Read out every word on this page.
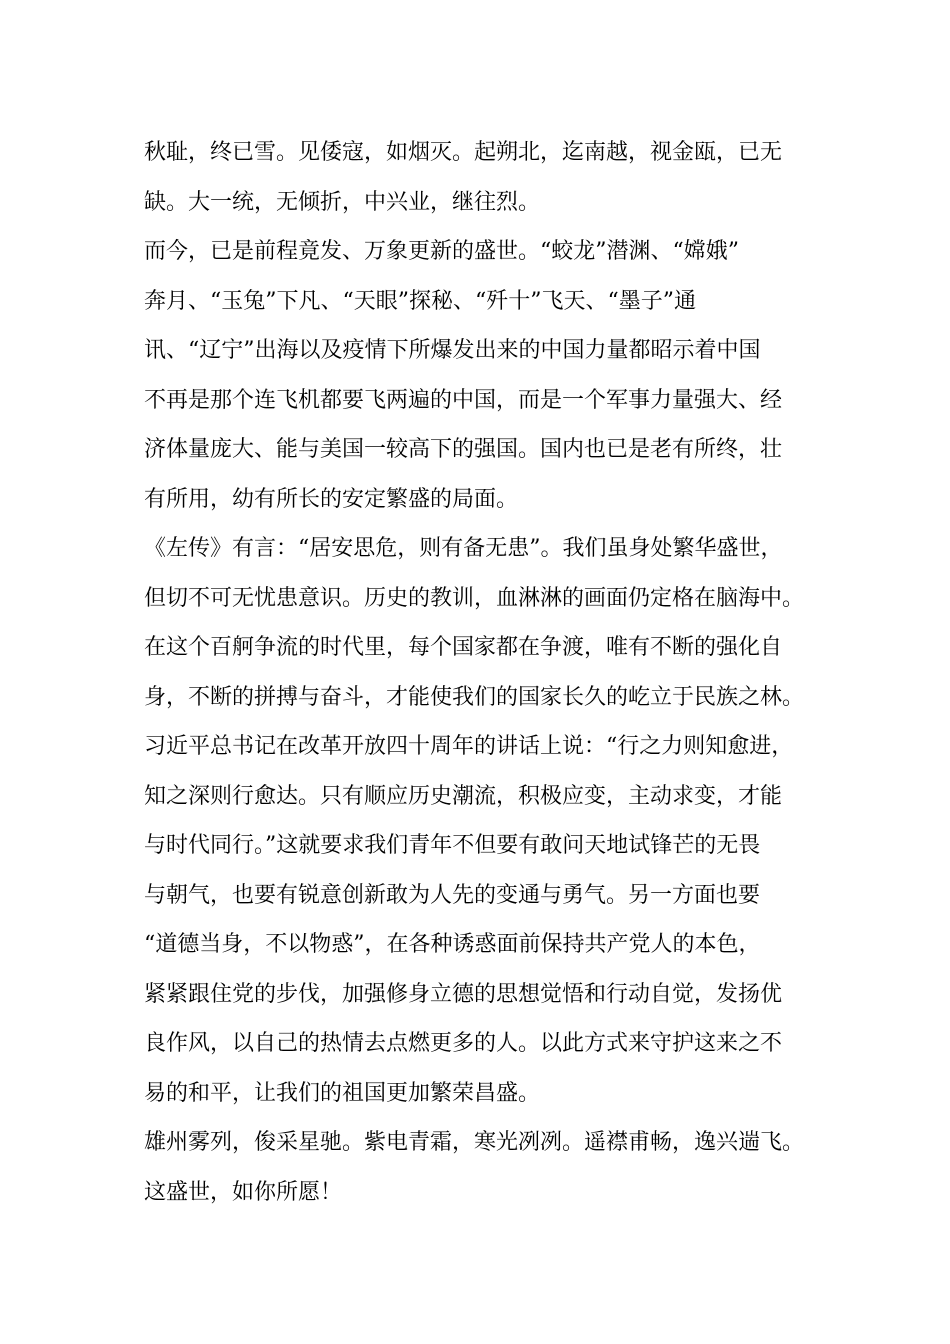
秋耻，终已雪。见倭寇，如烟灭。起朔北，迄南越，视金瓯，已无
缺。大一统，无倾折，中兴业，继往烈。
而今，已是前程竟发、万象更新的盛世。“蛟龙”潜渊、“嫦娥”
奔月、“玉兔”下凡、“天眼”探秘、“歼十”飞天、“墨子”通
讯、“辽宁”出海以及疫情下所爆发出来的中国力量都昭示着中国
不再是那个连飞机都要飞两遍的中国，而是一个军事力量强大、经
济体量庞大、能与美国一较高下的强国。国内也已是老有所终，壮
有所用，幼有所长的安定繁盛的局面。
《左传》有言：“居安思危，则有备无患”。我们虽身处繁华盛世，
但切不可无忧患意识。历史的教训，血淋淋的画面仍定格在脑海中。
在这个百舸争流的时代里，每个国家都在争渡，唯有不断的强化自
身，不断的拼搏与奋斗，才能使我们的国家长久的屹立于民族之林。
习近平总书记在改革开放四十周年的讲话上说：“行之力则知愈进，
知之深则行愈达。只有顺应历史潮流，积极应变，主动求变，才能
与时代同行。”这就要求我们青年不但要有敢问天地试锋芒的无畏
与朝气，也要有锐意创新敢为人先的变通与勇气。另一方面也要
“道德当身，不以物惑”，在各种诱惑面前保持共产党人的本色，
紧紧跟住党的步伐，加强修身立德的思想觉悟和行动自觉，发扬优
良作风，以自己的热情去点燃更多的人。以此方式来守护这来之不
易的和平，让我们的祖国更加繁荣昌盛。
雄州雾列，俊采星驰。紫电青霜，寒光冽冽。遥襟甫畅，逸兴遄飞。
这盛世，如你所愿！
